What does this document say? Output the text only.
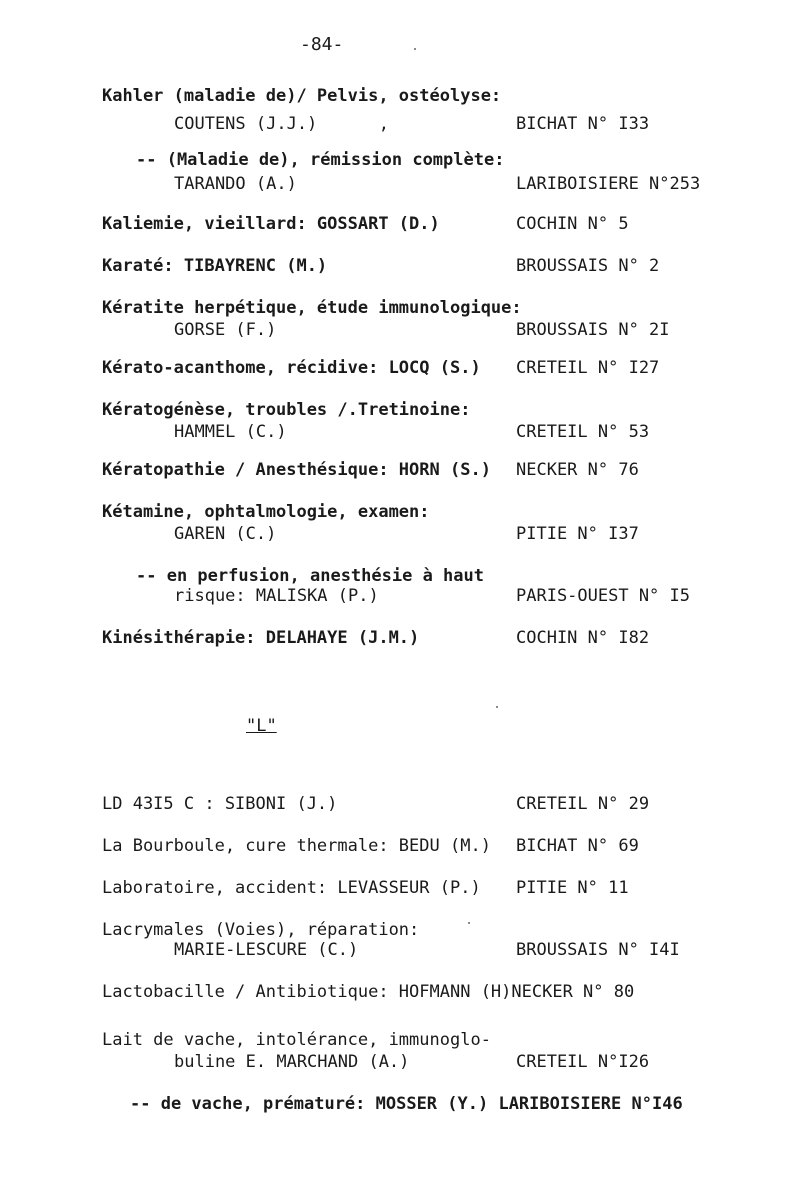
-84-
Kahler (maladie de)/ Pelvis, ostéolyse:
COUTENS (J.J.)      ,	BICHAT N° I33
-- (Maladie de), rémission complète:
TARANDO (A.)	LARIBOISIERE N°253
Kaliemie, vieillard: GOSSART (D.)	COCHIN N° 5
Karaté: TIBAYRENC (M.)	BROUSSAIS N° 2
Kératite herpétique, étude immunologique:
GORSE (F.)	BROUSSAIS N° 2I
Kérato-acanthome, récidive: LOCQ (S.) CRETEIL N° I27
Kératogénèse, troubles /.Tretinoine:
HAMMEL (C.)	CRETEIL N° 53
Kératopathie / Anesthésique: HORN (S.) NECKER N° 76
Kétamine, ophtalmologie, examen:
GAREN (C.)	PITIE N° I37
-- en perfusion, anesthésie à haut
risque: MALISKA (P.)	PARIS-OUEST N° I5
Kinésithérapie: DELAHAYE (J.M.)	COCHIN N° I82
"L"
LD 43I5 C : SIBONI (J.)	CRETEIL N° 29
La Bourboule, cure thermale: BEDU (M.) BICHAT N° 69
Laboratoire, accident: LEVASSEUR (P.) PITIE N° 11
Lacrymales (Voies), réparation:
MARIE-LESCURE (C.)	BROUSSAIS N° I4I
Lactobacille / Antibiotique: HOFMANN (H)NECKER N° 80
Lait de vache, intolérance, immunoglo-
buline E. MARCHAND (A.)	CRETEIL N°I26
-- de vache, prématuré: MOSSER (Y.) LARIBOISIERE N°I46
